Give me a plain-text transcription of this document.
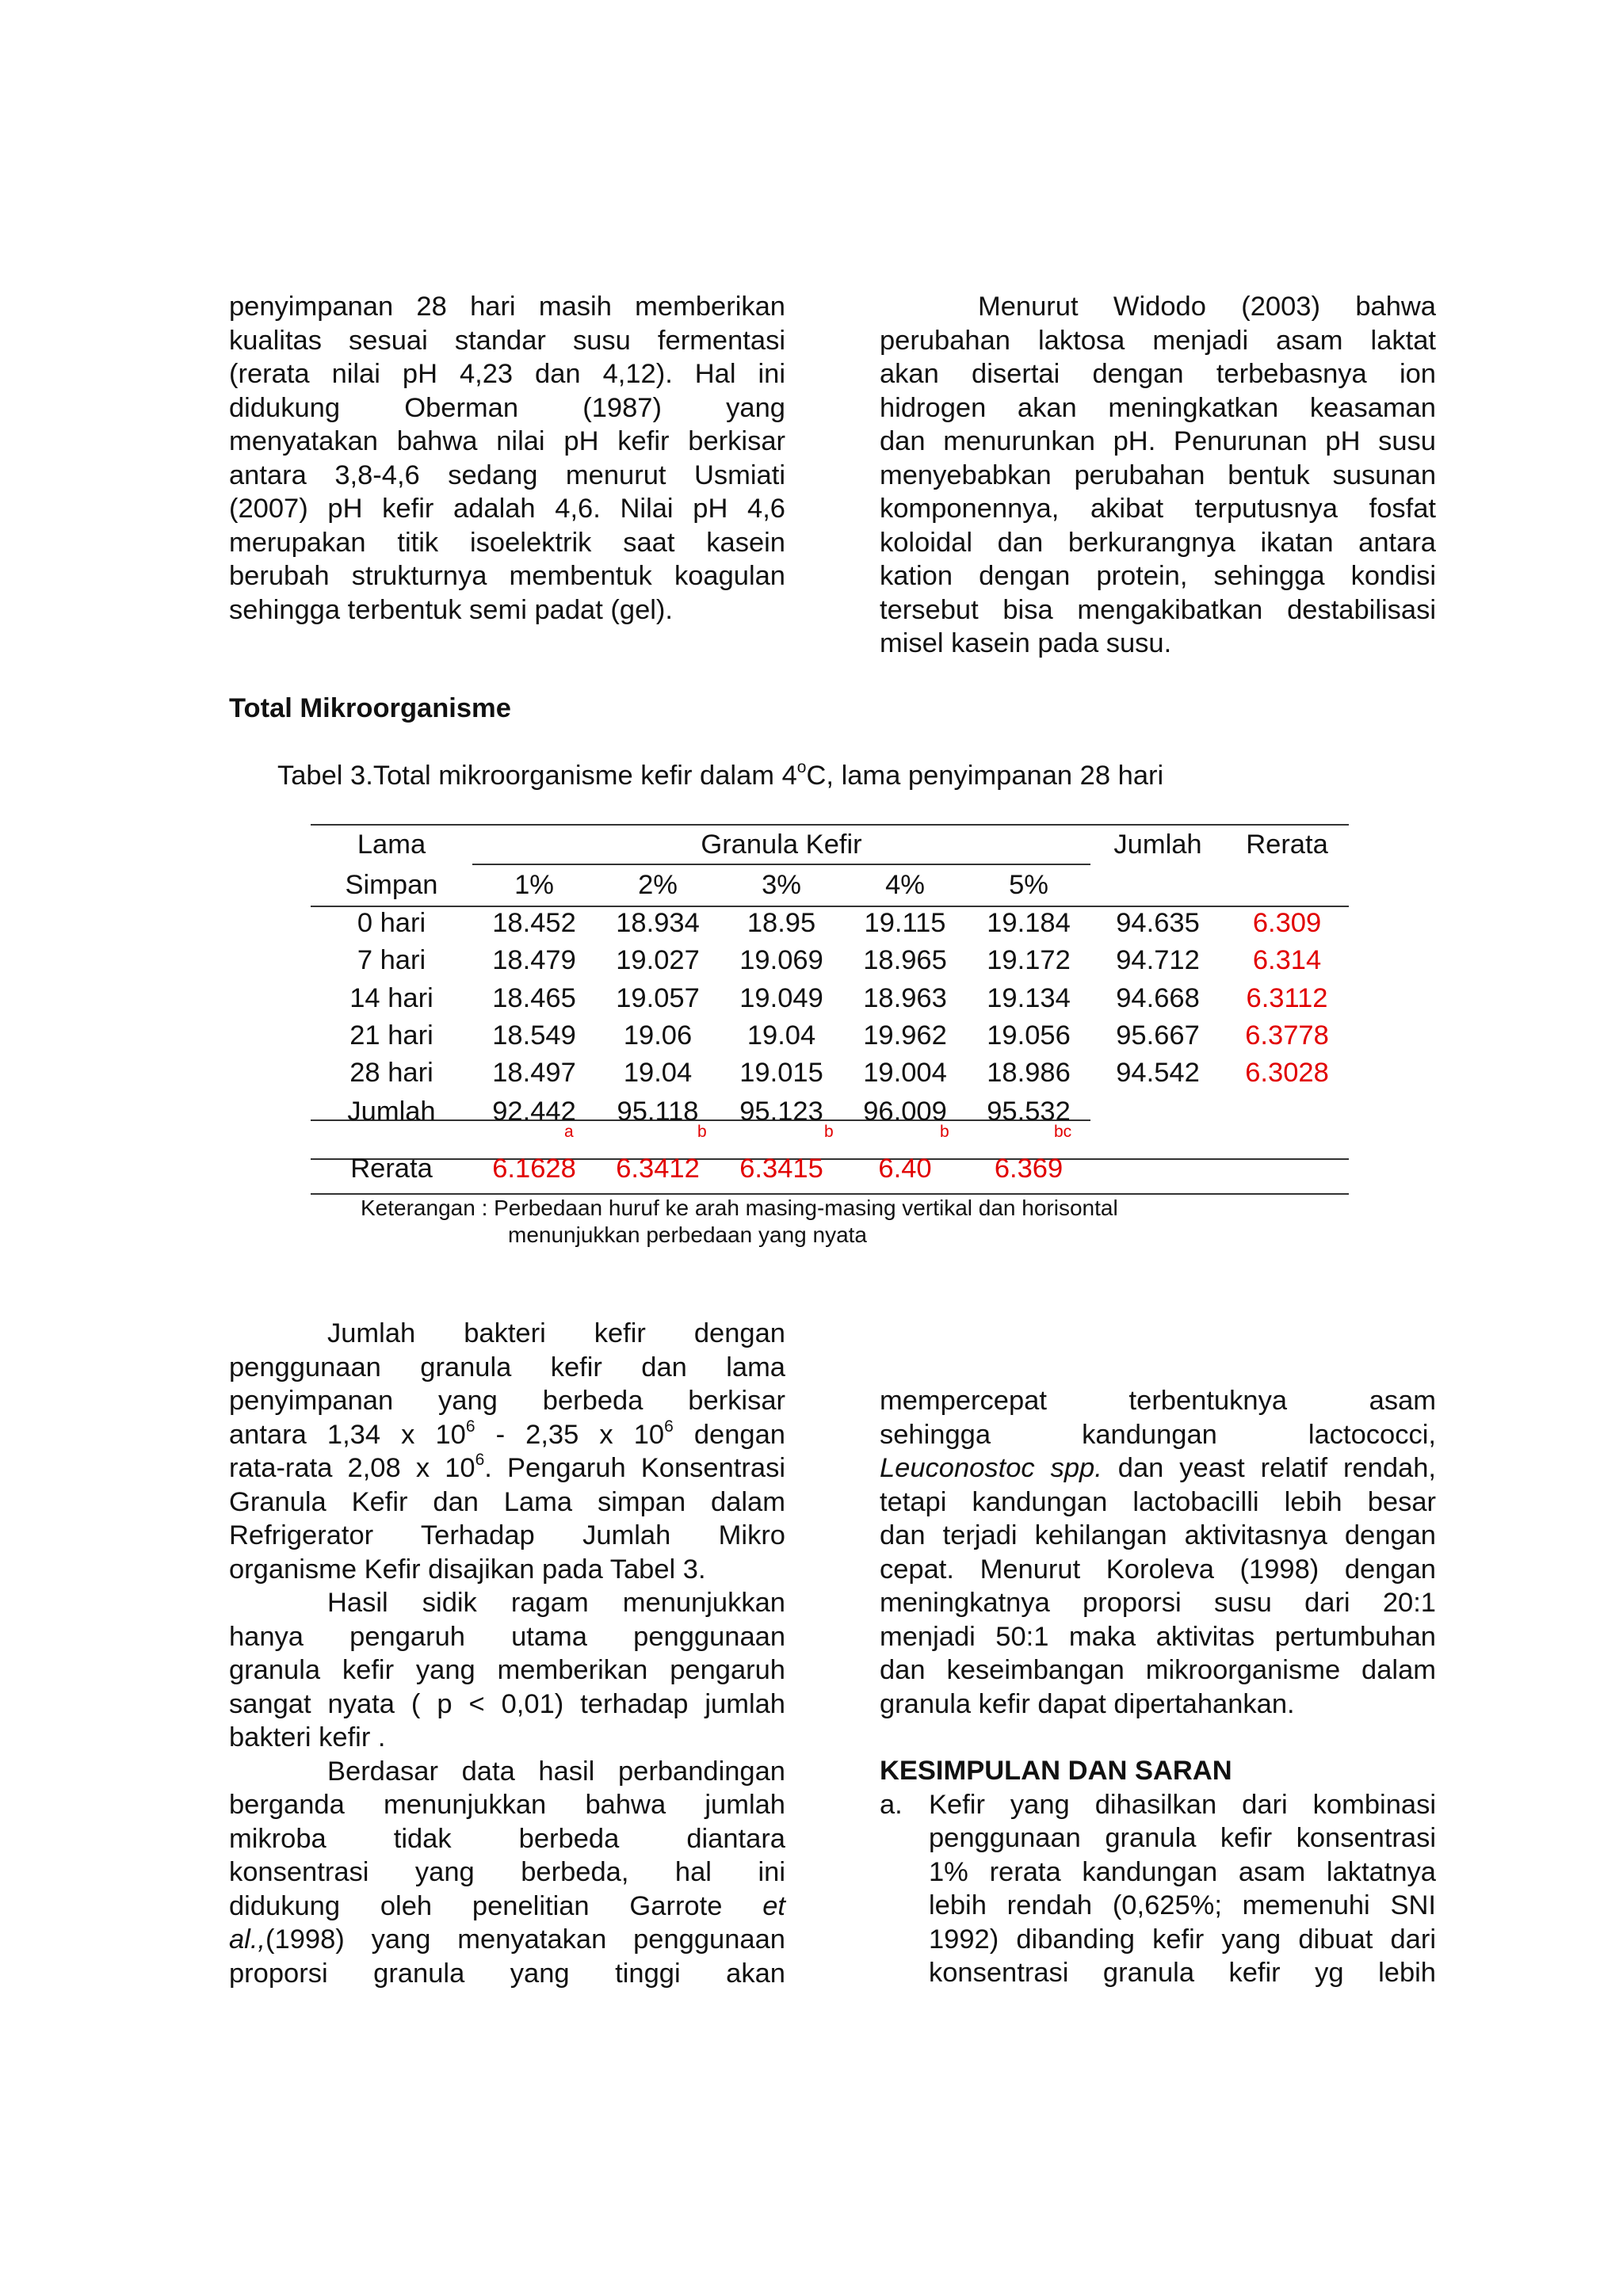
penyimpanan 28 hari masih memberikan

kualitas sesuai standar susu fermentasi

(rerata nilai pH 4,23 dan 4,12). Hal ini

didukung Oberman (1987) yang

menyatakan bahwa nilai pH kefir berkisar

antara 3,8-4,6 sedang menurut Usmiati

(2007) pH kefir adalah 4,6. Nilai pH 4,6

merupakan titik isoelektrik saat kasein

berubah strukturnya membentuk koagulan

sehingga terbentuk semi padat (gel).

Menurut Widodo (2003) bahwa

perubahan laktosa menjadi asam laktat

akan disertai dengan terbebasnya ion

hidrogen akan meningkatkan keasaman

dan menurunkan pH. Penurunan pH susu

menyebabkan perubahan bentuk susunan

komponennya, akibat terputusnya fosfat

koloidal dan berkurangnya ikatan antara

kation dengan protein, sehingga kondisi

tersebut bisa mengakibatkan destabilisasi

misel kasein pada susu.

Total Mikroorganisme

Tabel 3.Total mikroorganisme kefir dalam 4$^o$C, lama penyimpanan 28 hari

Lama	Granula Kefir	Jumlah	Rerata
Simpan	1%	2%	3%	4%	5%
0 hari	18.452	18.934	18.95	19.115	19.184	94.635	6.309
7 hari	18.479	19.027	19.069	18.965	19.172	94.712	6.314
14 hari	18.465	19.057	19.049	18.963	19.134	94.668	6.3112
21 hari	18.549	19.06	19.04	19.962	19.056	95.667	6.3778
28 hari	18.497	19.04	19.015	19.004	18.986	94.542	6.3028
Jumlah	92.442	95.118	95.123	96.009	95.532
a	b	b	b	bc
Rerata	6.1628	6.3412	6.3415	6.40	6.369
Keterangan : Perbedaan huruf ke arah masing-masing vertikal dan horisontal
menunjukkan perbedaan yang nyata

Jumlah bakteri kefir dengan

penggunaan granula kefir dan lama

penyimpanan yang berbeda berkisar

antara 1,34 x $10^6 - 2,35$ x $10^6$ dengan

rata-rata 2,08 x $10^6$. Pengaruh Konsentrasi

Granula Kefir dan Lama simpan dalam

Refrigerator Terhadap Jumlah Mikro

organisme Kefir disajikan pada Tabel 3.

Hasil sidik ragam menunjukkan

hanya pengaruh utama penggunaan

granula kefir yang memberikan pengaruh

sangat nyata ( p < 0,01) terhadap jumlah

bakteri kefir .

Berdasar data hasil perbandingan

berganda menunjukkan bahwa jumlah

mikroba tidak berbeda diantara

konsentrasi yang berbeda, hal ini

didukung oleh penelitian Garrote et

al.,(1998) yang menyatakan penggunaan

proporsi granula yang tinggi akan

mempercepat terbentuknya asam

sehingga kandungan lactococci,

Leuconostoc spp. dan yeast relatif rendah,

tetapi kandungan lactobacilli lebih besar

dan terjadi kehilangan aktivitasnya dengan

cepat. Menurut Koroleva (1998) dengan

meningkatnya proporsi susu dari 20:1

menjadi 50:1 maka aktivitas pertumbuhan

dan keseimbangan mikroorganisme dalam

granula kefir dapat dipertahankan.

KESIMPULAN DAN SARAN

a. Kefir yang dihasilkan dari kombinasi

penggunaan granula kefir konsentrasi

1% rerata kandungan asam laktatnya

lebih rendah (0,625%; memenuhi SNI

1992) dibanding kefir yang dibuat dari

konsentrasi granula kefir yg lebih
